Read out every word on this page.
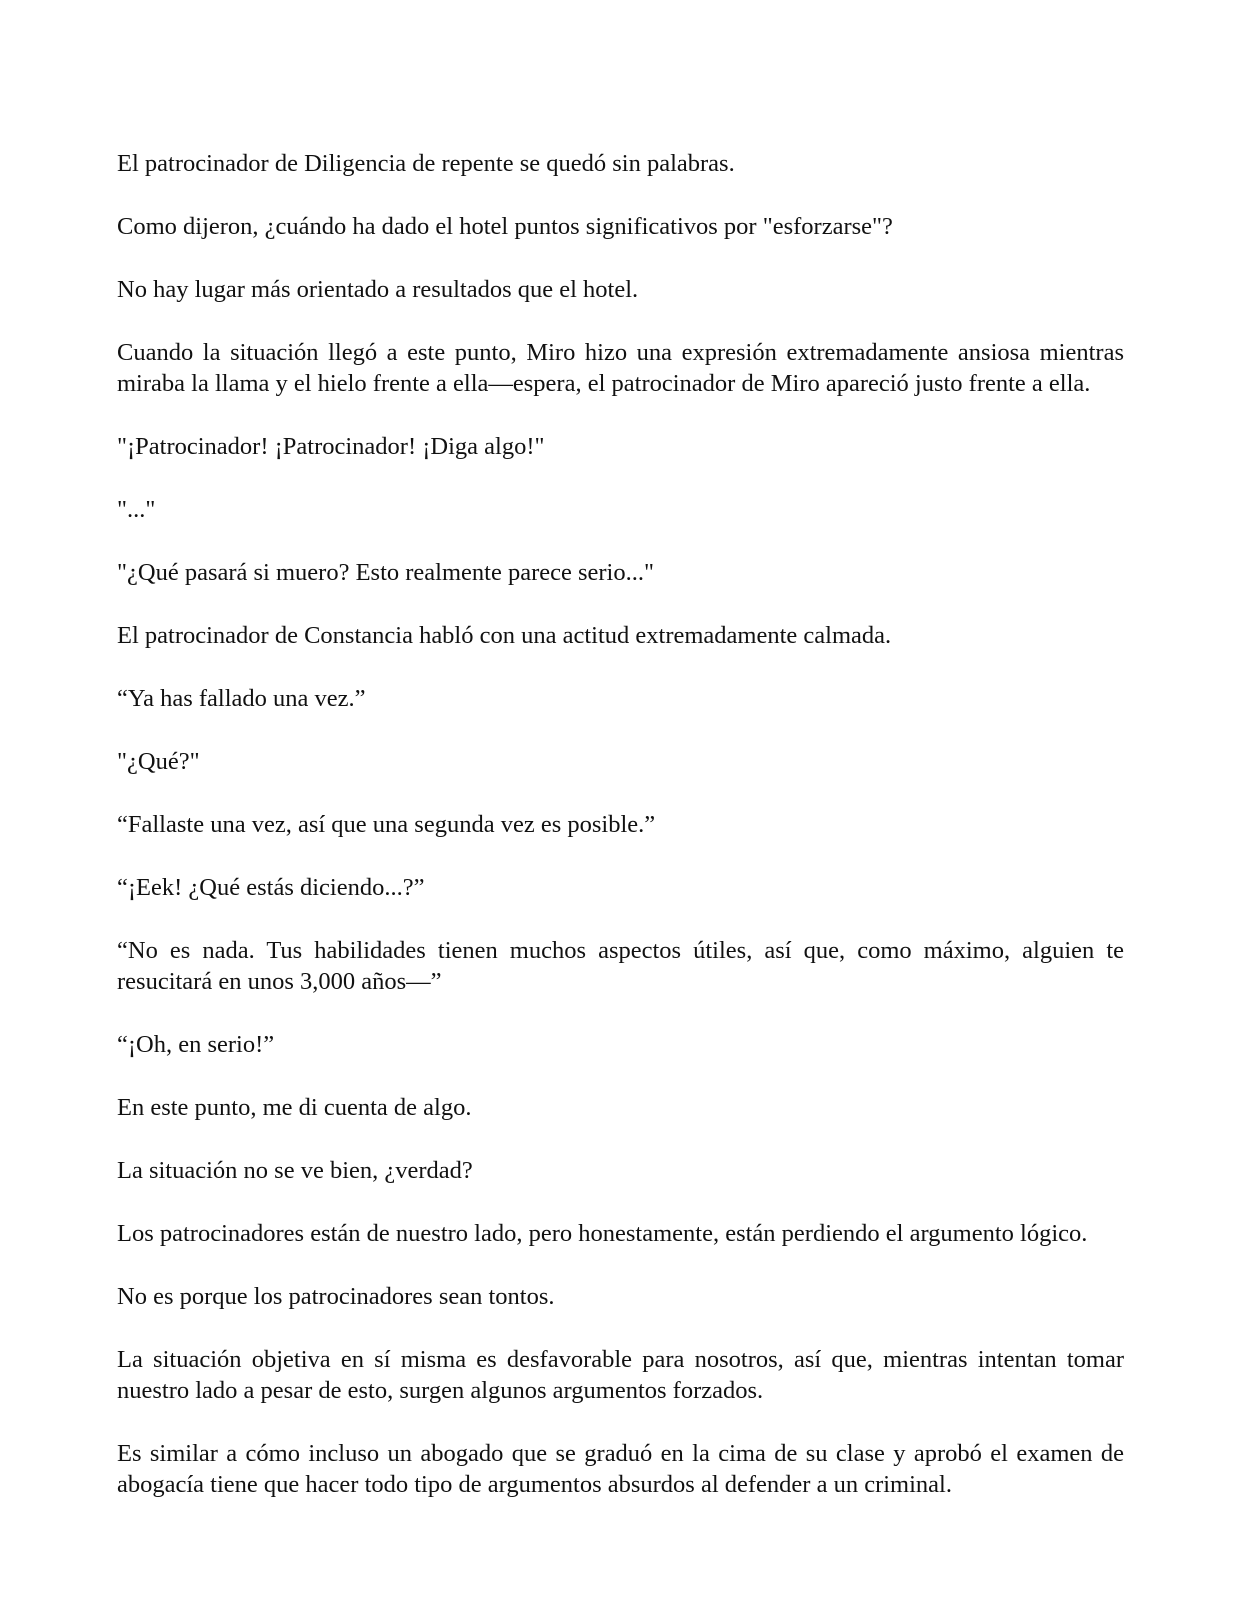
El patrocinador de Diligencia de repente se quedó sin palabras.

Como dijeron, ¿cuándo ha dado el hotel puntos significativos por "esforzarse"?

No hay lugar más orientado a resultados que el hotel.

Cuando la situación llegó a este punto, Miro hizo una expresión extremadamente ansiosa mientras miraba la llama y el hielo frente a ella—espera, el patrocinador de Miro apareció justo frente a ella.

"¡Patrocinador! ¡Patrocinador! ¡Diga algo!"

"..."

"¿Qué pasará si muero? Esto realmente parece serio..."

El patrocinador de Constancia habló con una actitud extremadamente calmada.

“Ya has fallado una vez.”

"¿Qué?"

“Fallaste una vez, así que una segunda vez es posible.”

“¡Eek! ¿Qué estás diciendo...?”

“No es nada. Tus habilidades tienen muchos aspectos útiles, así que, como máximo, alguien te resucitará en unos 3,000 años—”

“¡Oh, en serio!”

En este punto, me di cuenta de algo.

La situación no se ve bien, ¿verdad?

Los patrocinadores están de nuestro lado, pero honestamente, están perdiendo el argumento lógico.

No es porque los patrocinadores sean tontos.

La situación objetiva en sí misma es desfavorable para nosotros, así que, mientras intentan tomar nuestro lado a pesar de esto, surgen algunos argumentos forzados.

Es similar a cómo incluso un abogado que se graduó en la cima de su clase y aprobó el examen de abogacía tiene que hacer todo tipo de argumentos absurdos al defender a un criminal.
